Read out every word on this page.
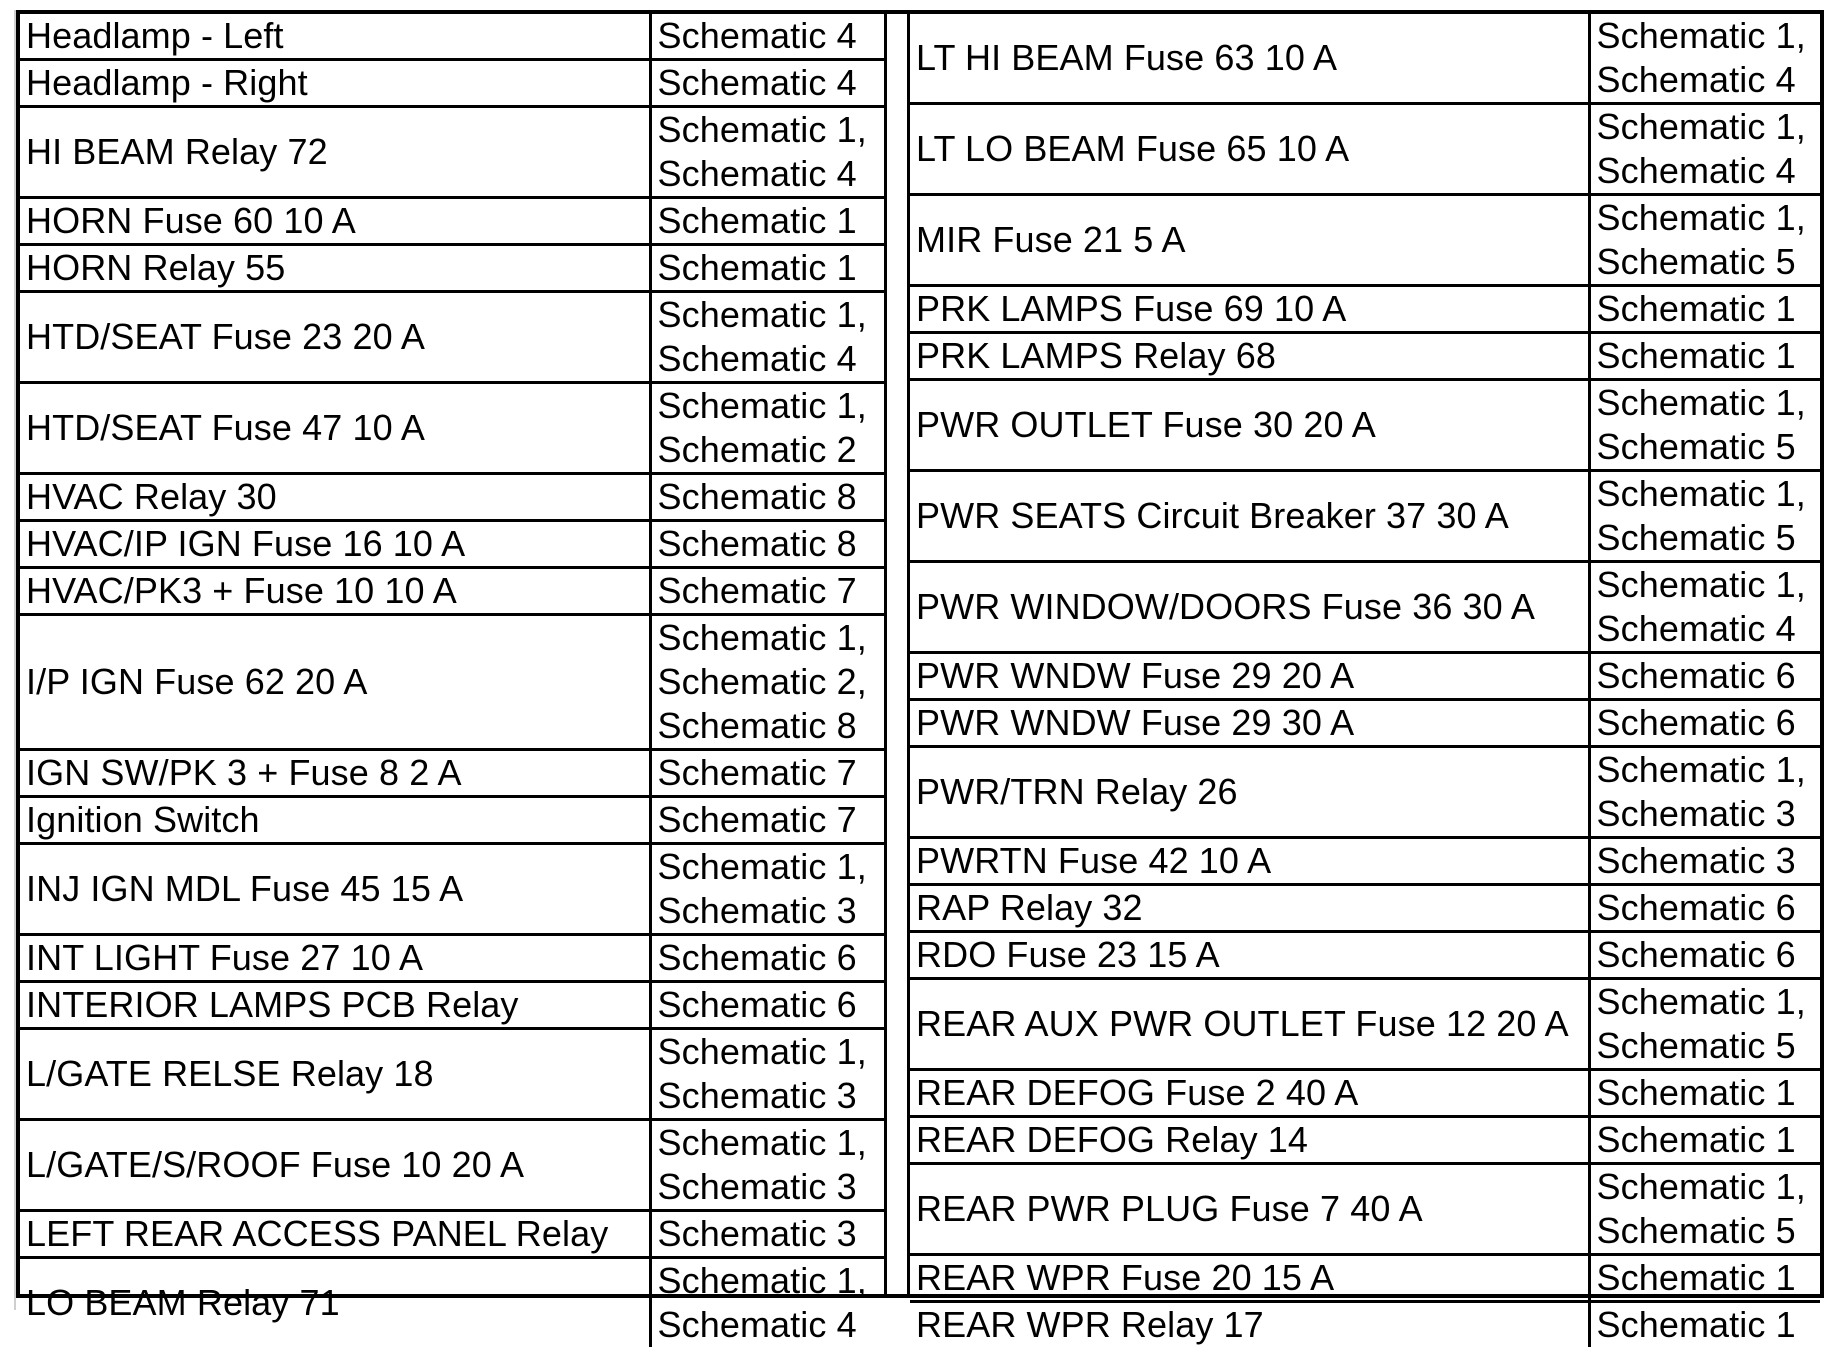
Headlamp - Left	Schematic 4

Headlamp - Right	Schematic 4

HI BEAM Relay 72	Schematic 1,
Schematic 4

HORN Fuse 60 10 A	Schematic 1

HORN Relay 55	Schematic 1

HTD/SEAT Fuse 23 20 A	Schematic 1,
Schematic 4

HTD/SEAT Fuse 47 10 A	Schematic 1,
Schematic 2

HVAC Relay 30	Schematic 8

HVAC/IP IGN Fuse 16 10 A	Schematic 8

HVAC/PK3 + Fuse 10 10 A	Schematic 7

I/P IGN Fuse 62 20 A	Schematic 1,
Schematic 2,
Schematic 8

IGN SW/PK 3 + Fuse 8 2 A	Schematic 7

Ignition Switch	Schematic 7

INJ IGN MDL Fuse 45 15 A	Schematic 1,
Schematic 3

INT LIGHT Fuse 27 10 A	Schematic 6

INTERIOR LAMPS PCB Relay	Schematic 6

L/GATE RELSE Relay 18	Schematic 1,
Schematic 3

L/GATE/S/ROOF Fuse 10 20 A	Schematic 1,
Schematic 3

LEFT REAR ACCESS PANEL Relay	Schematic 3

LO BEAM Relay 71	Schematic 1,
Schematic 4
LT HI BEAM Fuse 63 10 A	Schematic 1,
Schematic 4

LT LO BEAM Fuse 65 10 A	Schematic 1,
Schematic 4

MIR Fuse 21 5 A	Schematic 1,
Schematic 5

PRK LAMPS Fuse 69 10 A	Schematic 1

PRK LAMPS Relay 68	Schematic 1

PWR OUTLET Fuse 30 20 A	Schematic 1,
Schematic 5

PWR SEATS Circuit Breaker 37 30 A	Schematic 1,
Schematic 5

PWR WINDOW/DOORS Fuse 36 30 A	Schematic 1,
Schematic 4

PWR WNDW Fuse 29 20 A	Schematic 6

PWR WNDW Fuse 29 30 A	Schematic 6

PWR/TRN Relay 26	Schematic 1,
Schematic 3

PWRTN Fuse 42 10 A	Schematic 3

RAP Relay 32	Schematic 6

RDO Fuse 23 15 A	Schematic 6

REAR AUX PWR OUTLET Fuse 12 20 A	Schematic 1,
Schematic 5

REAR DEFOG Fuse 2 40 A	Schematic 1

REAR DEFOG Relay 14	Schematic 1

REAR PWR PLUG Fuse 7 40 A	Schematic 1,
Schematic 5

REAR WPR Fuse 20 15 A	Schematic 1

REAR WPR Relay 17	Schematic 1
